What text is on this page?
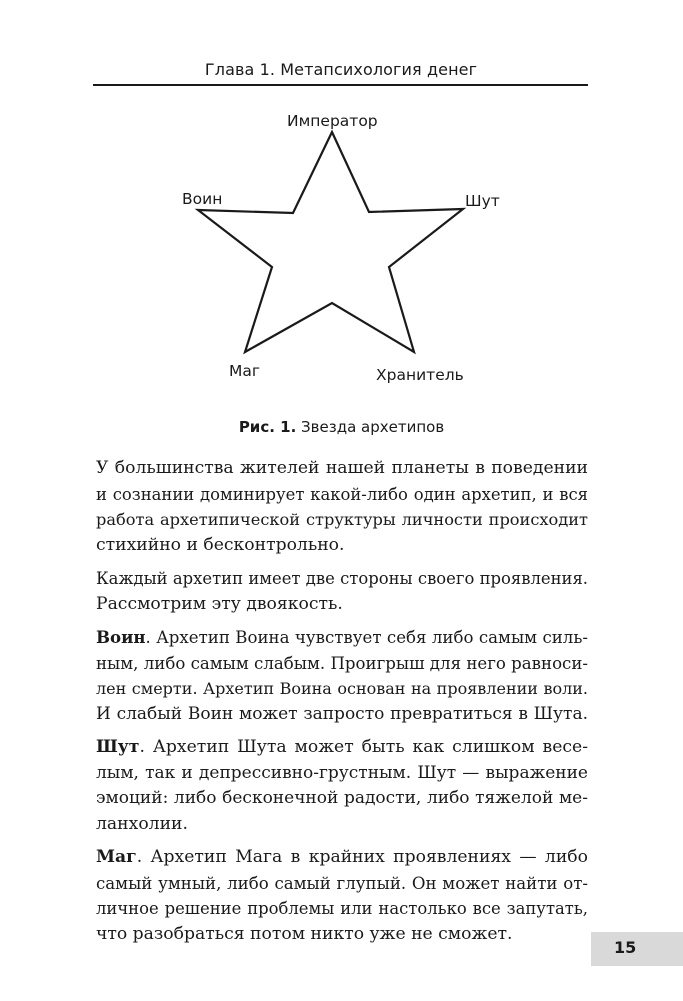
Глава 1. Метапсихология денег
Император
Воин	Шут
Маг	Хранитель
Рис. 1. Звезда архетипов
У большинства жителей нашей планеты в поведении
и сознании доминирует какой-либо один архетип, и вся
работа архетипической структуры личности происходит
стихийно и бесконтрольно.
Каждый архетип имеет две стороны своего проявления.
Рассмотрим эту двоякость.
Воин. Архетип Воина чувствует себя либо самым силь-
ным, либо самым слабым. Проигрыш для него равноси-
лен смерти. Архетип Воина основан на проявлении воли.
И слабый Воин может запросто превратиться в Шута.
Шут. Архетип Шута может быть как слишком весе-
лым, так и депрессивно-грустным. Шут — выражение
эмоций: либо бесконечной радости, либо тяжелой ме-
ланхолии.
Маг. Архетип Мага в крайних проявлениях — либо
самый умный, либо самый глупый. Он может найти от-
личное решение проблемы или настолько все запутать,
что разобраться потом никто уже не сможет.
15
